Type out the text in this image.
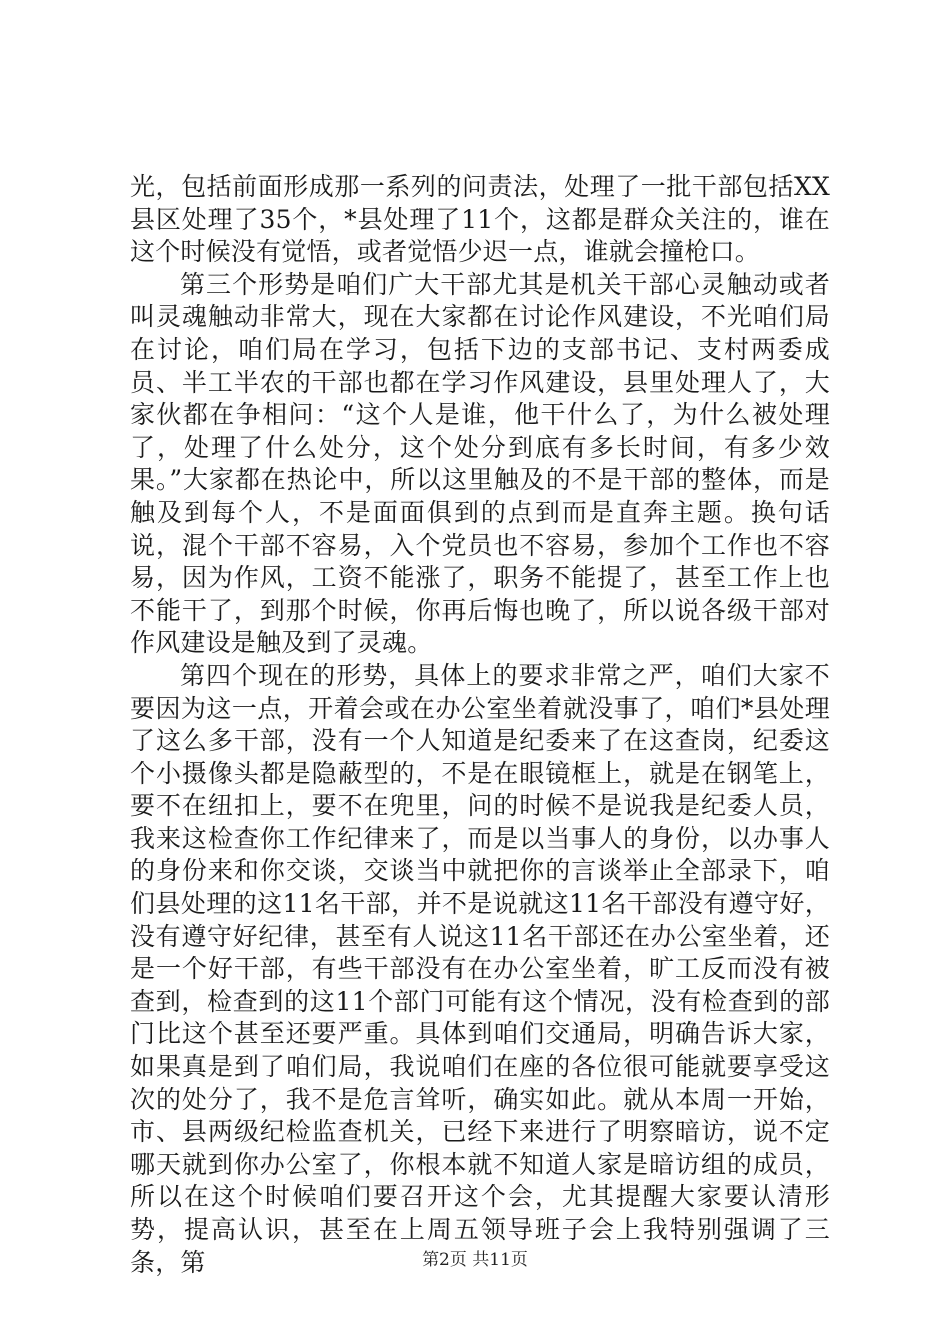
光，包括前面形成那一系列的问责法，处理了一批干部包括XX县区处理了35个，*县处理了11个，这都是群众关注的，谁在这个时候没有觉悟，或者觉悟少迟一点，谁就会撞枪口。

第三个形势是咱们广大干部尤其是机关干部心灵触动或者叫灵魂触动非常大，现在大家都在讨论作风建设，不光咱们局在讨论，咱们局在学习，包括下边的支部书记、支村两委成员、半工半农的干部也都在学习作风建设，县里处理人了，大家伙都在争相问：“这个人是谁，他干什么了，为什么被处理了，处理了什么处分，这个处分到底有多长时间，有多少效果。”大家都在热论中，所以这里触及的不是干部的整体，而是触及到每个人，不是面面俱到的点到而是直奔主题。换句话说，混个干部不容易，入个党员也不容易，参加个工作也不容易，因为作风，工资不能涨了，职务不能提了，甚至工作上也不能干了，到那个时候，你再后悔也晚了，所以说各级干部对作风建设是触及到了灵魂。

第四个现在的形势，具体上的要求非常之严，咱们大家不要因为这一点，开着会或在办公室坐着就没事了，咱们*县处理了这么多干部，没有一个人知道是纪委来了在这查岗，纪委这个小摄像头都是隐蔽型的，不是在眼镜框上，就是在钢笔上，要不在纽扣上，要不在兜里，问的时候不是说我是纪委人员，我来这检查你工作纪律来了，而是以当事人的身份，以办事人的身份来和你交谈，交谈当中就把你的言谈举止全部录下，咱们县处理的这11名干部，并不是说就这11名干部没有遵守好，没有遵守好纪律，甚至有人说这11名干部还在办公室坐着，还是一个好干部，有些干部没有在办公室坐着，旷工反而没有被查到，检查到的这11个部门可能有这个情况，没有检查到的部门比这个甚至还要严重。具体到咱们交通局，明确告诉大家，如果真是到了咱们局，我说咱们在座的各位很可能就要享受这次的处分了，我不是危言耸听，确实如此。就从本周一开始，市、县两级纪检监查机关，已经下来进行了明察暗访，说不定哪天就到你办公室了，你根本就不知道人家是暗访组的成员，所以在这个时候咱们要召开这个会，尤其提醒大家要认清形势，提高认识，甚至在上周五领导班子会上我特别强调了三条，第	第2页 共11页
